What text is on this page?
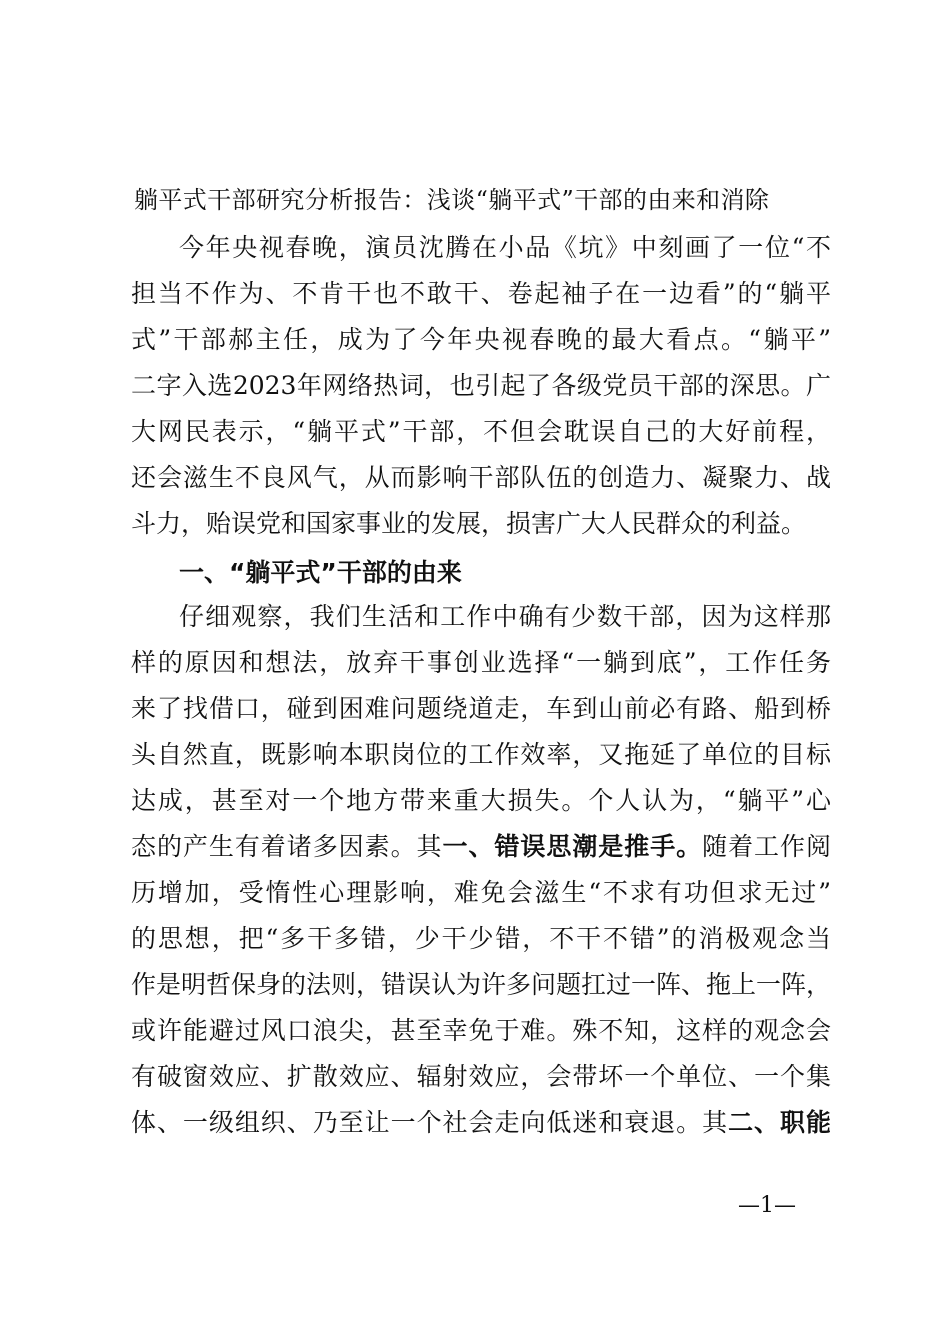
躺平式干部研究分析报告：浅谈“躺平式”干部的由来和消除
今年央视春晚，演员沈腾在小品《坑》中刻画了一位“不
担当不作为、不肯干也不敢干、卷起袖子在一边看”的“躺平
式”干部郝主任，成为了今年央视春晚的最大看点。“躺平”
二字入选2023年网络热词，也引起了各级党员干部的深思。广
大网民表示，“躺平式”干部，不但会耽误自己的大好前程，
还会滋生不良风气，从而影响干部队伍的创造力、凝聚力、战
斗力，贻误党和国家事业的发展，损害广大人民群众的利益。
一、“躺平式”干部的由来
仔细观察，我们生活和工作中确有少数干部，因为这样那
样的原因和想法，放弃干事创业选择“一躺到底”，工作任务
来了找借口，碰到困难问题绕道走，车到山前必有路、船到桥
头自然直，既影响本职岗位的工作效率，又拖延了单位的目标
达成，甚至对一个地方带来重大损失。个人认为，“躺平”心
态的产生有着诸多因素。其一、错误思潮是推手。随着工作阅
历增加，受惰性心理影响，难免会滋生“不求有功但求无过”
的思想，把“多干多错，少干少错，不干不错”的消极观念当
作是明哲保身的法则，错误认为许多问题扛过一阵、拖上一阵，
或许能避过风口浪尖，甚至幸免于难。殊不知，这样的观念会
有破窗效应、扩散效应、辐射效应，会带坏一个单位、一个集
体、一级组织、乃至让一个社会走向低迷和衰退。其二、职能
—1—
